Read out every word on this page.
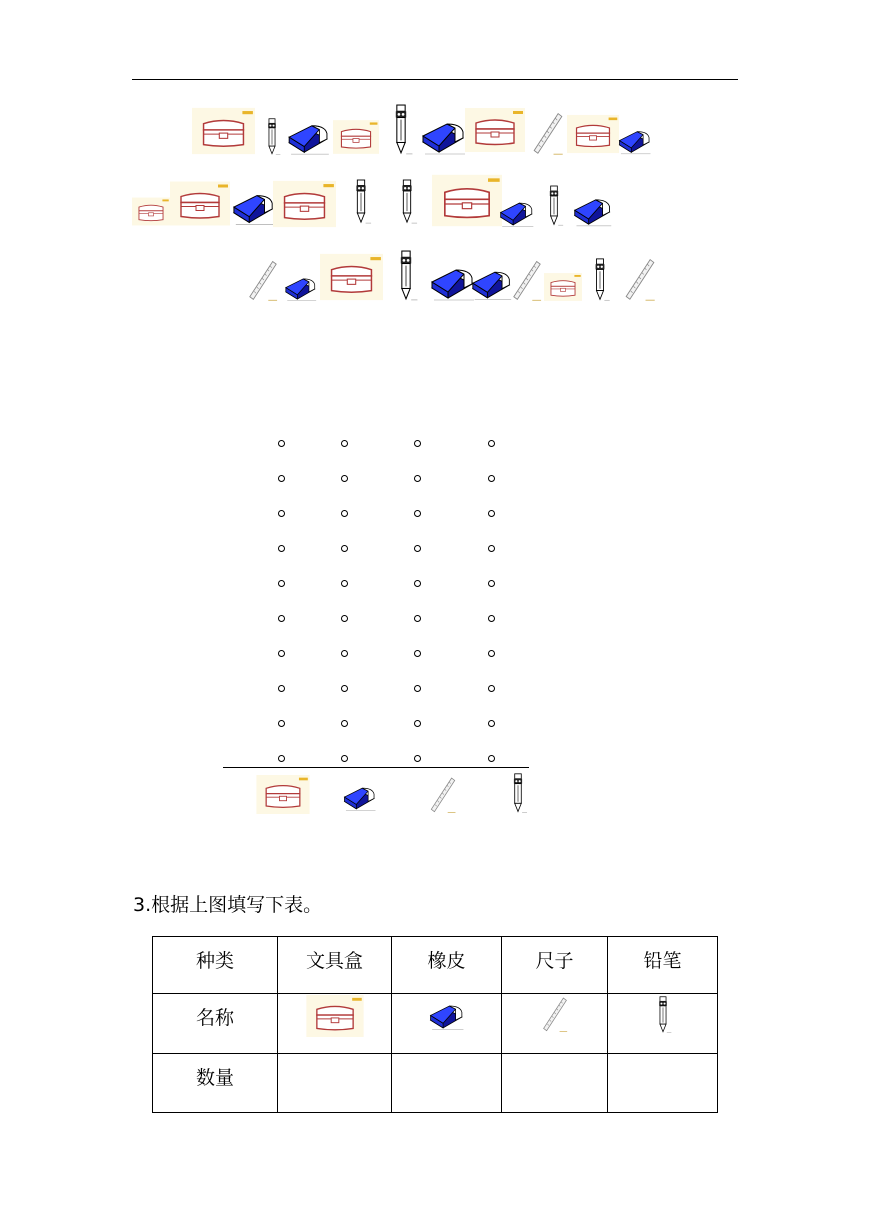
3.根据上图填写下表。
种类	文具盒	橡皮	尺子	铅笔

名称

数量				
